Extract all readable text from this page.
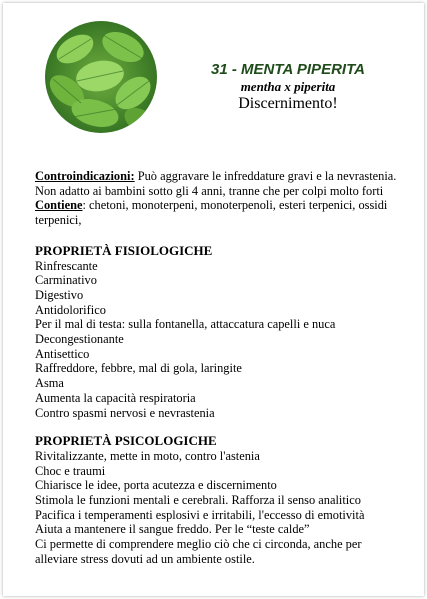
31 - MENTA PIPERITA
mentha x piperita
Discernimento!

Controindicazioni: Può aggravare le infreddature gravi e la nevrastenia. Non adatto ai bambini sotto gli 4 anni, tranne che per colpi molto forti

Contiene: chetoni, monoterpeni, monoterpenoli, esteri terpenici, ossidi terpenici,

PROPRIETÀ FISIOLOGICHE
Rinfrescante
Carminativo
Digestivo
Antidolorifico
Per il mal di testa: sulla fontanella, attaccatura capelli e nuca
Decongestionante
Antisettico
Raffreddore, febbre, mal di gola, laringite
Asma
Aumenta la capacità respiratoria
Contro spasmi nervosi e nevrastenia
PROPRIETÀ PSICOLOGICHE
Rivitalizzante, mette in moto, contro l'astenia
Choc e traumi
Chiarisce le idee, porta acutezza e discernimento
Stimola le funzioni mentali e cerebrali. Rafforza il senso analitico
Pacifica i temperamenti esplosivi e irritabili, l'eccesso di emotività
Aiuta a mantenere il sangue freddo. Per le “teste calde”
Ci permette di comprendere meglio ciò che ci circonda, anche per alleviare stress dovuti ad un ambiente ostile.
